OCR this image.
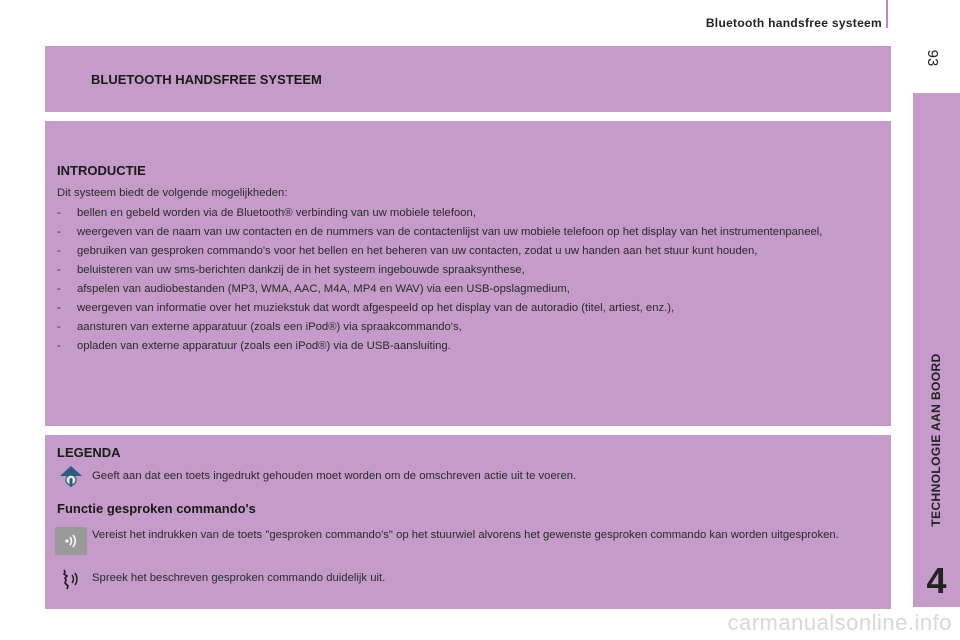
Bluetooth handsfree systeem
93
TECHNOLOGIE AAN BOORD
4
BLUETOOTH HANDSFREE SYSTEEM
INTRODUCTIE
Dit systeem biedt de volgende mogelijkheden:
- bellen en gebeld worden via de Bluetooth® verbinding van uw mobiele telefoon,
- weergeven van de naam van uw contacten en de nummers van de contactenlijst van uw mobiele telefoon op het display van het instrumentenpaneel,
- gebruiken van gesproken commando's voor het bellen en het beheren van uw contacten, zodat u uw handen aan het stuur kunt houden,
- beluisteren van uw sms-berichten dankzij de in het systeem ingebouwde spraaksynthese,
- afspelen van audiobestanden (MP3, WMA, AAC, M4A, MP4 en WAV) via een USB-opslagmedium,
- weergeven van informatie over het muziekstuk dat wordt afgespeeld op het display van de autoradio (titel, artiest, enz.),
- aansturen van externe apparatuur (zoals een iPod®) via spraakcommando's,
- opladen van externe apparatuur (zoals een iPod®) via de USB-aansluiting.
LEGENDA
Geeft aan dat een toets ingedrukt gehouden moet worden om de omschreven actie uit te voeren.
Functie gesproken commando's
Vereist het indrukken van de toets "gesproken commando's" op het stuurwiel alvorens het gewenste gesproken commando kan worden uitgesproken.
Spreek het beschreven gesproken commando duidelijk uit.
carmanualsonline.info
